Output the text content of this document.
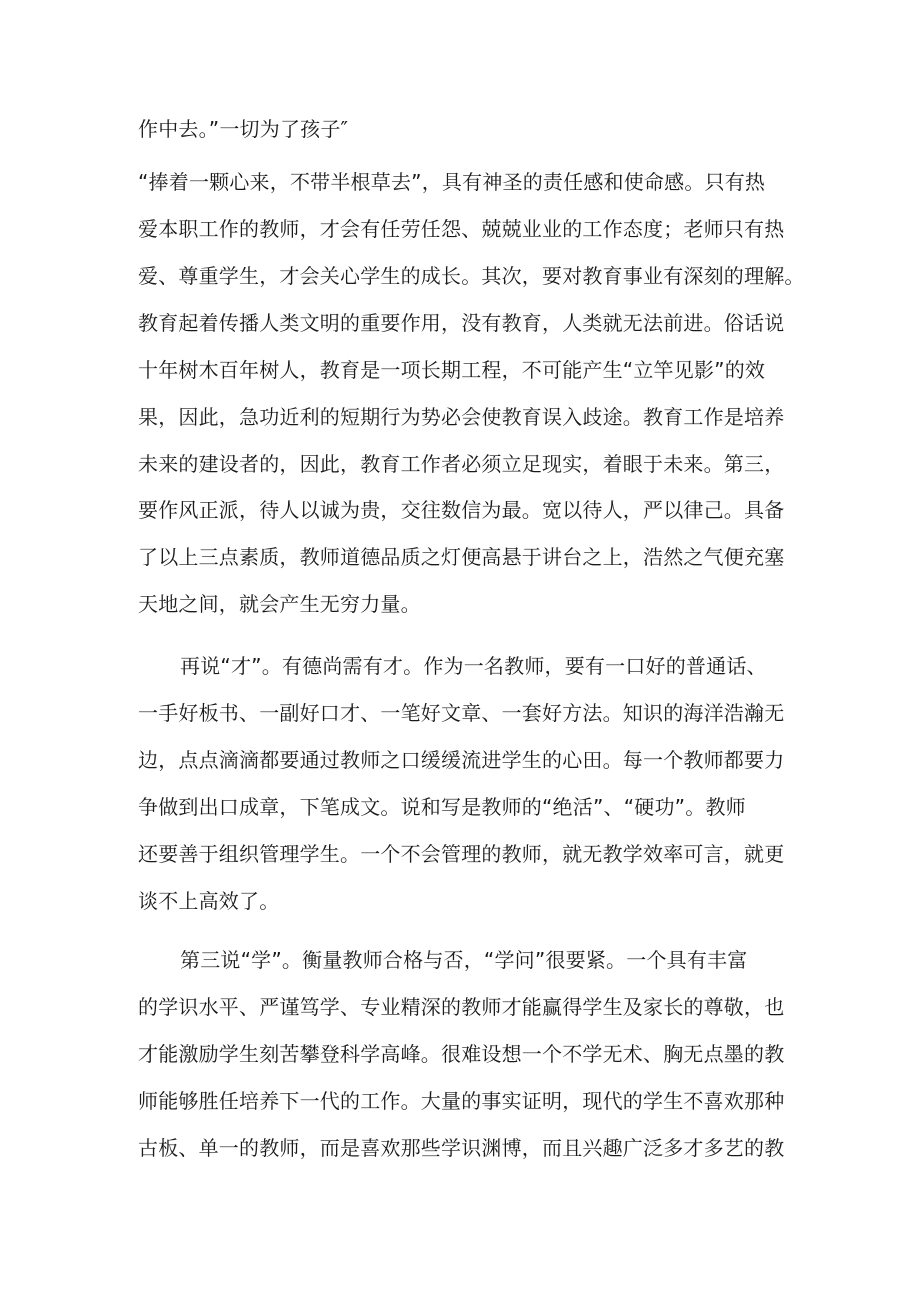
作中去。”一切为了孩子″
“捧着一颗心来，不带半根草去”，具有神圣的责任感和使命感。只有热
爱本职工作的教师，才会有任劳任怨、兢兢业业的工作态度；老师只有热
爱、尊重学生，才会关心学生的成长。其次，要对教育事业有深刻的理解。
教育起着传播人类文明的重要作用，没有教育，人类就无法前进。俗话说
十年树木百年树人，教育是一项长期工程，不可能产生“立竿见影”的效
果，因此，急功近利的短期行为势必会使教育误入歧途。教育工作是培养
未来的建设者的，因此，教育工作者必须立足现实，着眼于未来。第三，
要作风正派，待人以诚为贵，交往数信为最。宽以待人，严以律己。具备
了以上三点素质，教师道德品质之灯便高悬于讲台之上，浩然之气便充塞
天地之间，就会产生无穷力量。
再说“才”。有德尚需有才。作为一名教师，要有一口好的普通话、
一手好板书、一副好口才、一笔好文章、一套好方法。知识的海洋浩瀚无
边，点点滴滴都要通过教师之口缓缓流进学生的心田。每一个教师都要力
争做到出口成章，下笔成文。说和写是教师的“绝活”、“硬功”。教师
还要善于组织管理学生。一个不会管理的教师，就无教学效率可言，就更
谈不上高效了。
第三说“学”。衡量教师合格与否，“学问”很要紧。一个具有丰富
的学识水平、严谨笃学、专业精深的教师才能赢得学生及家长的尊敬，也
才能激励学生刻苦攀登科学高峰。很难设想一个不学无术、胸无点墨的教
师能够胜任培养下一代的工作。大量的事实证明，现代的学生不喜欢那种
古板、单一的教师，而是喜欢那些学识渊博，而且兴趣广泛多才多艺的教
